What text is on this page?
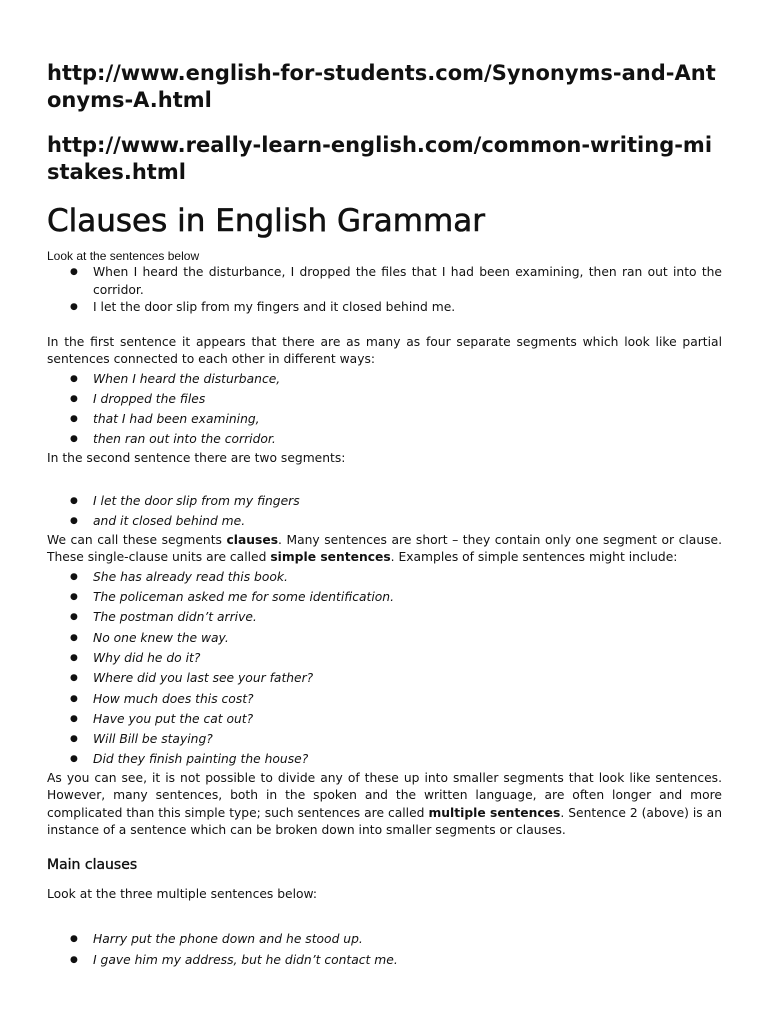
http://www.english-for-students.com/Synonyms-and-Antonyms-A.html

http://www.really-learn-english.com/common-writing-mistakes.html

Clauses in English Grammar

Look at the sentences below

● When I heard the disturbance, I dropped the files that I had been examining, then ran out into the corridor.
● I let the door slip from my fingers and it closed behind me.

In the first sentence it appears that there are as many as four separate segments which look like partial sentences connected to each other in different ways:

● When I heard the disturbance,
● I dropped the files
● that I had been examining,
● then ran out into the corridor.

In the second sentence there are two segments:

● I let the door slip from my fingers
● and it closed behind me.

We can call these segments clauses. Many sentences are short – they contain only one segment or clause. These single-clause units are called simple sentences. Examples of simple sentences might include:

● She has already read this book.
● The policeman asked me for some identification.
● The postman didn’t arrive.
● No one knew the way.
● Why did he do it?
● Where did you last see your father?
● How much does this cost?
● Have you put the cat out?
● Will Bill be staying?
● Did they finish painting the house?

As you can see, it is not possible to divide any of these up into smaller segments that look like sentences. However, many sentences, both in the spoken and the written language, are often longer and more complicated than this simple type; such sentences are called multiple sentences. Sentence 2 (above) is an instance of a sentence which can be broken down into smaller segments or clauses.

Main clauses

Look at the three multiple sentences below:

● Harry put the phone down and he stood up.
● I gave him my address, but he didn’t contact me.
